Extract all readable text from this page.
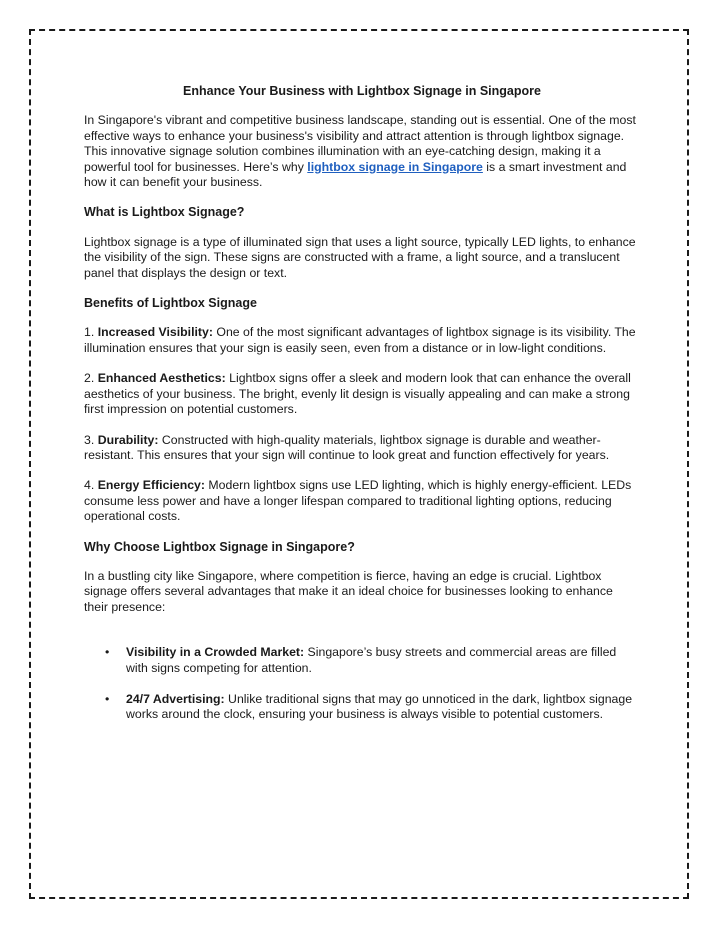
Enhance Your Business with Lightbox Signage in Singapore

In Singapore's vibrant and competitive business landscape, standing out is essential. One of the most effective ways to enhance your business's visibility and attract attention is through lightbox signage. This innovative signage solution combines illumination with an eye-catching design, making it a powerful tool for businesses. Here’s why lightbox signage in Singapore is a smart investment and how it can benefit your business.

What is Lightbox Signage?

Lightbox signage is a type of illuminated sign that uses a light source, typically LED lights, to enhance the visibility of the sign. These signs are constructed with a frame, a light source, and a translucent panel that displays the design or text.

Benefits of Lightbox Signage

1. Increased Visibility: One of the most significant advantages of lightbox signage is its visibility. The illumination ensures that your sign is easily seen, even from a distance or in low-light conditions.

2. Enhanced Aesthetics: Lightbox signs offer a sleek and modern look that can enhance the overall aesthetics of your business. The bright, evenly lit design is visually appealing and can make a strong first impression on potential customers.

3. Durability: Constructed with high-quality materials, lightbox signage is durable and weather-resistant. This ensures that your sign will continue to look great and function effectively for years.

4. Energy Efficiency: Modern lightbox signs use LED lighting, which is highly energy-efficient. LEDs consume less power and have a longer lifespan compared to traditional lighting options, reducing operational costs.

Why Choose Lightbox Signage in Singapore?

In a bustling city like Singapore, where competition is fierce, having an edge is crucial. Lightbox signage offers several advantages that make it an ideal choice for businesses looking to enhance their presence:

• Visibility in a Crowded Market: Singapore’s busy streets and commercial areas are filled with signs competing for attention.
• 24/7 Advertising: Unlike traditional signs that may go unnoticed in the dark, lightbox signage works around the clock, ensuring your business is always visible to potential customers.
